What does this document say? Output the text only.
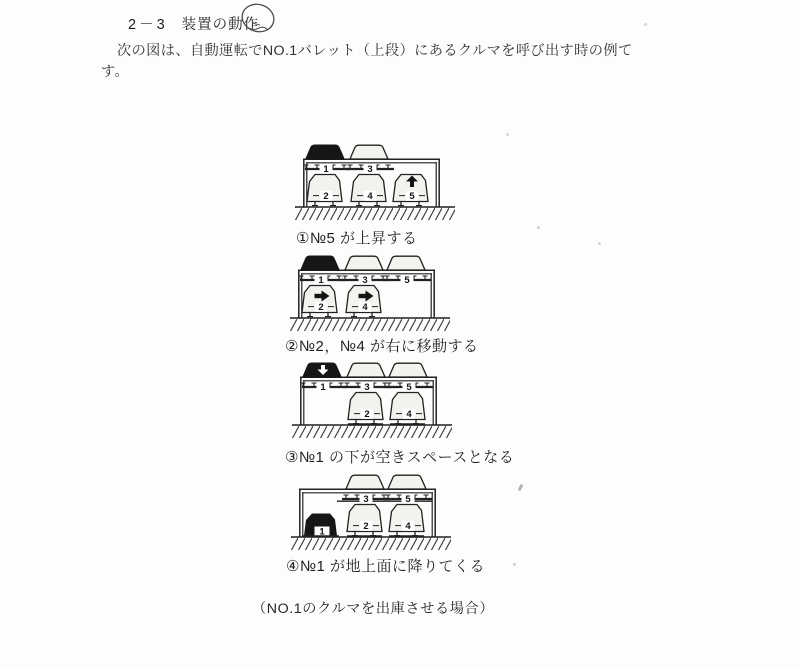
2－3 装置の動作
次の図は、自動運転でNO.1バレット（上段）にあるクルマを呼び出す時の例て
す。
1	3
2	4	5
①№5 が上昇する
1	3	5
2	4
②№2，№4 が右に移動する
1	3	5
2	4
③№1 の下が空きスペースとなる
3	5
1	2	4
④№1 が地上面に降りてくる
（NO.1のクルマを出庫させる場合）
